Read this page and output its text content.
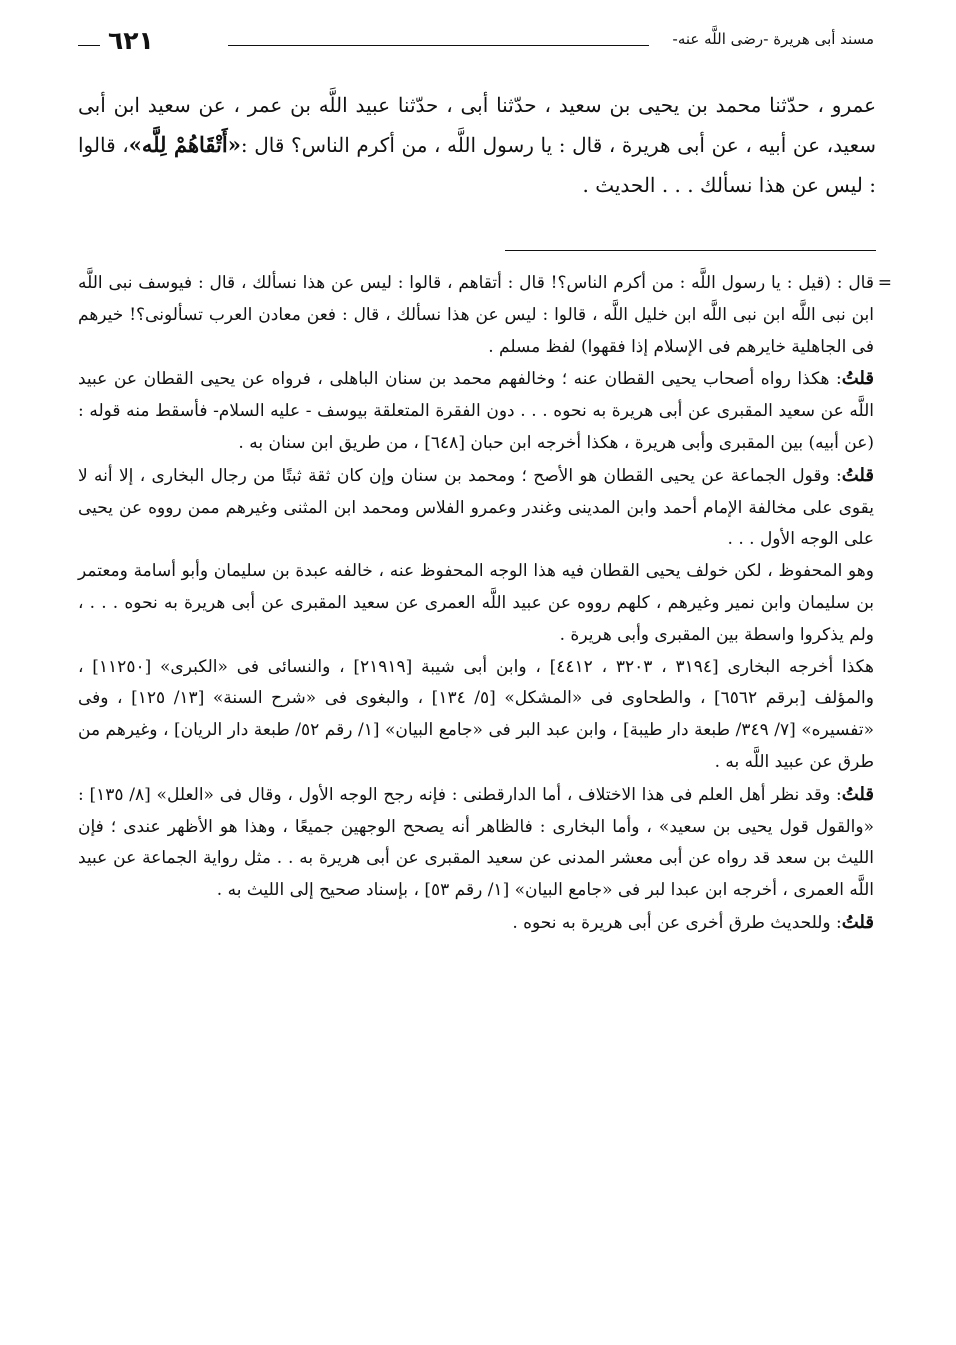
مسند أبى هريرة -رضى اللَّه عنه-
٦٢١

عمرو ، حدّثنا محمد بن يحيى بن سعيد ، حدّثنا أبى ، حدّثنا عبيد اللَّه بن عمر ، عن سعيد ابن أبى سعيد، عن أبيه ، عن أبى هريرة ، قال : يا رسول اللَّه ، من أكرم الناس؟ قال :«أَتْقَاهُمْ لِلَّه»، قالوا : ليس عن هذا نسألك . . . الحديث .

=
قال : (قيل : يا رسول اللَّه : من أكرم الناس؟! قال : أتقاهم ، قالوا : ليس عن هذا نسألك ، قال : فيوسف نبى اللَّه ابن نبى اللَّه ابن نبى اللَّه ابن خليل اللَّه ، قالوا : ليس عن هذا نسألك ، قال : فعن معادن العرب تسألونى؟! خيرهم فى الجاهلية خايرهم فى الإسلام إذا فقهوا) لفظ مسلم .

قلتُ: هكذا رواه أصحاب يحيى القطان عنه ؛ وخالفهم محمد بن سنان الباهلى ، فرواه عن يحيى القطان عن عبيد اللَّه عن سعيد المقبرى عن أبى هريرة به نحوه . . . دون الفقرة المتعلقة بيوسف - عليه السلام- فأسقط منه قوله : (عن أبيه) بين المقبرى وأبى هريرة ، هكذا أخرجه ابن حبان [٦٤٨] ، من طريق ابن سنان به .

قلتُ: وقول الجماعة عن يحيى القطان هو الأصح ؛ ومحمد بن سنان وإن كان ثقة ثبتًا من رجال البخارى ، إلا أنه لا يقوى على مخالفة الإمام أحمد وابن المدينى وغندر وعمرو الفلاس ومحمد ابن المثنى وغيرهم ممن رووه عن يحيى على الوجه الأول . . .

وهو المحفوظ ، لكن خولف يحيى القطان فيه هذا الوجه المحفوظ عنه ، خالفه عبدة بن سليمان وأبو أسامة ومعتمر بن سليمان وابن نمير وغيرهم ، كلهم رووه عن عبيد اللَّه العمرى عن سعيد المقبرى عن أبى هريرة به نحوه . . . ، ولم يذكروا واسطة بين المقبرى وأبى هريرة .

هكذا أخرجه البخارى [٣١٩٤ ، ٣٢٠٣ ، ٤٤١٢] ، وابن أبى شيبة [٢١٩١٩] ، والنسائى فى «الكبرى» [١١٢٥٠] ، والمؤلف [برقم ٦٥٦٢] ، والطحاوى فى «المشكل» [٥/ ١٣٤] ، والبغوى فى «شرح السنة» [١٣/ ١٢٥] ، وفى «تفسيره» [٧/ ٣٤٩/ طبعة دار طيبة] ، وابن عبد البر فى «جامع البيان» [١/ رقم ٥٢/ طبعة دار الريان] ، وغيرهم من طرق عن عبيد اللَّه به .

قلتُ: وقد نظر أهل العلم فى هذا الاختلاف ، أما الدارقطنى : فإنه رجح الوجه الأول ، وقال فى «العلل» [٨/ ١٣٥] : «والقول قول يحيى بن سعيد» ، وأما البخارى : فالظاهر أنه يصحح الوجهين جميعًا ، وهذا هو الأظهر عندى ؛ فإن الليث بن سعد قد رواه عن أبى معشر المدنى عن سعيد المقبرى عن أبى هريرة به . . مثل رواية الجماعة عن عبيد اللَّه العمرى ، أخرجه ابن عبدا لبر فى «جامع البيان» [١/ رقم ٥٣] ، بإسناد صحيح إلى الليث به .

قلتُ: وللحديث طرق أخرى عن أبى هريرة به نحوه .
